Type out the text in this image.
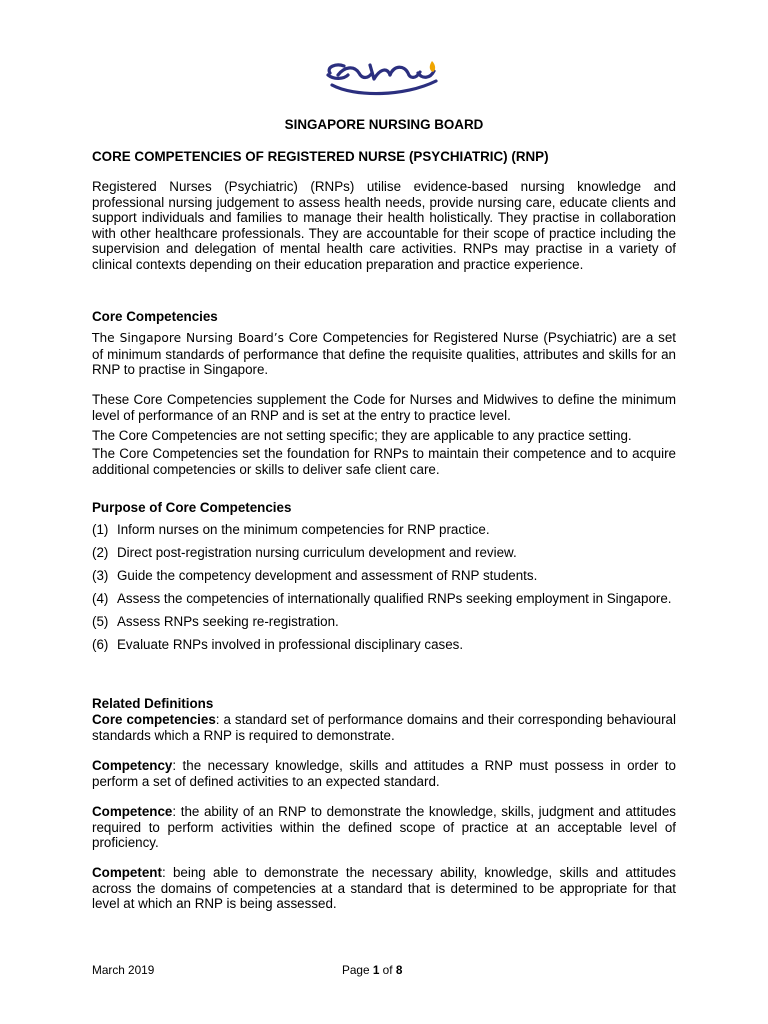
SINGAPORE NURSING BOARD
CORE COMPETENCIES OF REGISTERED NURSE (PSYCHIATRIC) (RNP)

Registered Nurses (Psychiatric) (RNPs) utilise evidence-based nursing knowledge and professional nursing judgement to assess health needs, provide nursing care, educate clients and support individuals and families to manage their health holistically. They practise in collaboration with other healthcare professionals. They are accountable for their scope of practice including the supervision and delegation of mental health care activities. RNPs may practise in a variety of clinical contexts depending on their education preparation and practice experience.

Core Competencies

The Singapore Nursing Board’s Core Competencies for Registered Nurse (Psychiatric) are a set of minimum standards of performance that define the requisite qualities, attributes and skills for an RNP to practise in Singapore.

These Core Competencies supplement the Code for Nurses and Midwives to define the minimum level of performance of an RNP and is set at the entry to practice level.

The Core Competencies are not setting specific; they are applicable to any practice setting.

The Core Competencies set the foundation for RNPs to maintain their competence and to acquire additional competencies or skills to deliver safe client care.

Purpose of Core Competencies
(1) Inform nurses on the minimum competencies for RNP practice.
(2) Direct post-registration nursing curriculum development and review.
(3) Guide the competency development and assessment of RNP students.
(4) Assess the competencies of internationally qualified RNPs seeking employment in Singapore.
(5) Assess RNPs seeking re-registration.
(6) Evaluate RNPs involved in professional disciplinary cases.
Related Definitions

Core competencies: a standard set of performance domains and their corresponding behavioural standards which a RNP is required to demonstrate.

Competency: the necessary knowledge, skills and attitudes a RNP must possess in order to perform a set of defined activities to an expected standard.

Competence: the ability of an RNP to demonstrate the knowledge, skills, judgment and attitudes required to perform activities within the defined scope of practice at an acceptable level of proficiency.

Competent: being able to demonstrate the necessary ability, knowledge, skills and attitudes across the domains of competencies at a standard that is determined to be appropriate for that level at which an RNP is being assessed.

March 2019	Page 1 of 8
